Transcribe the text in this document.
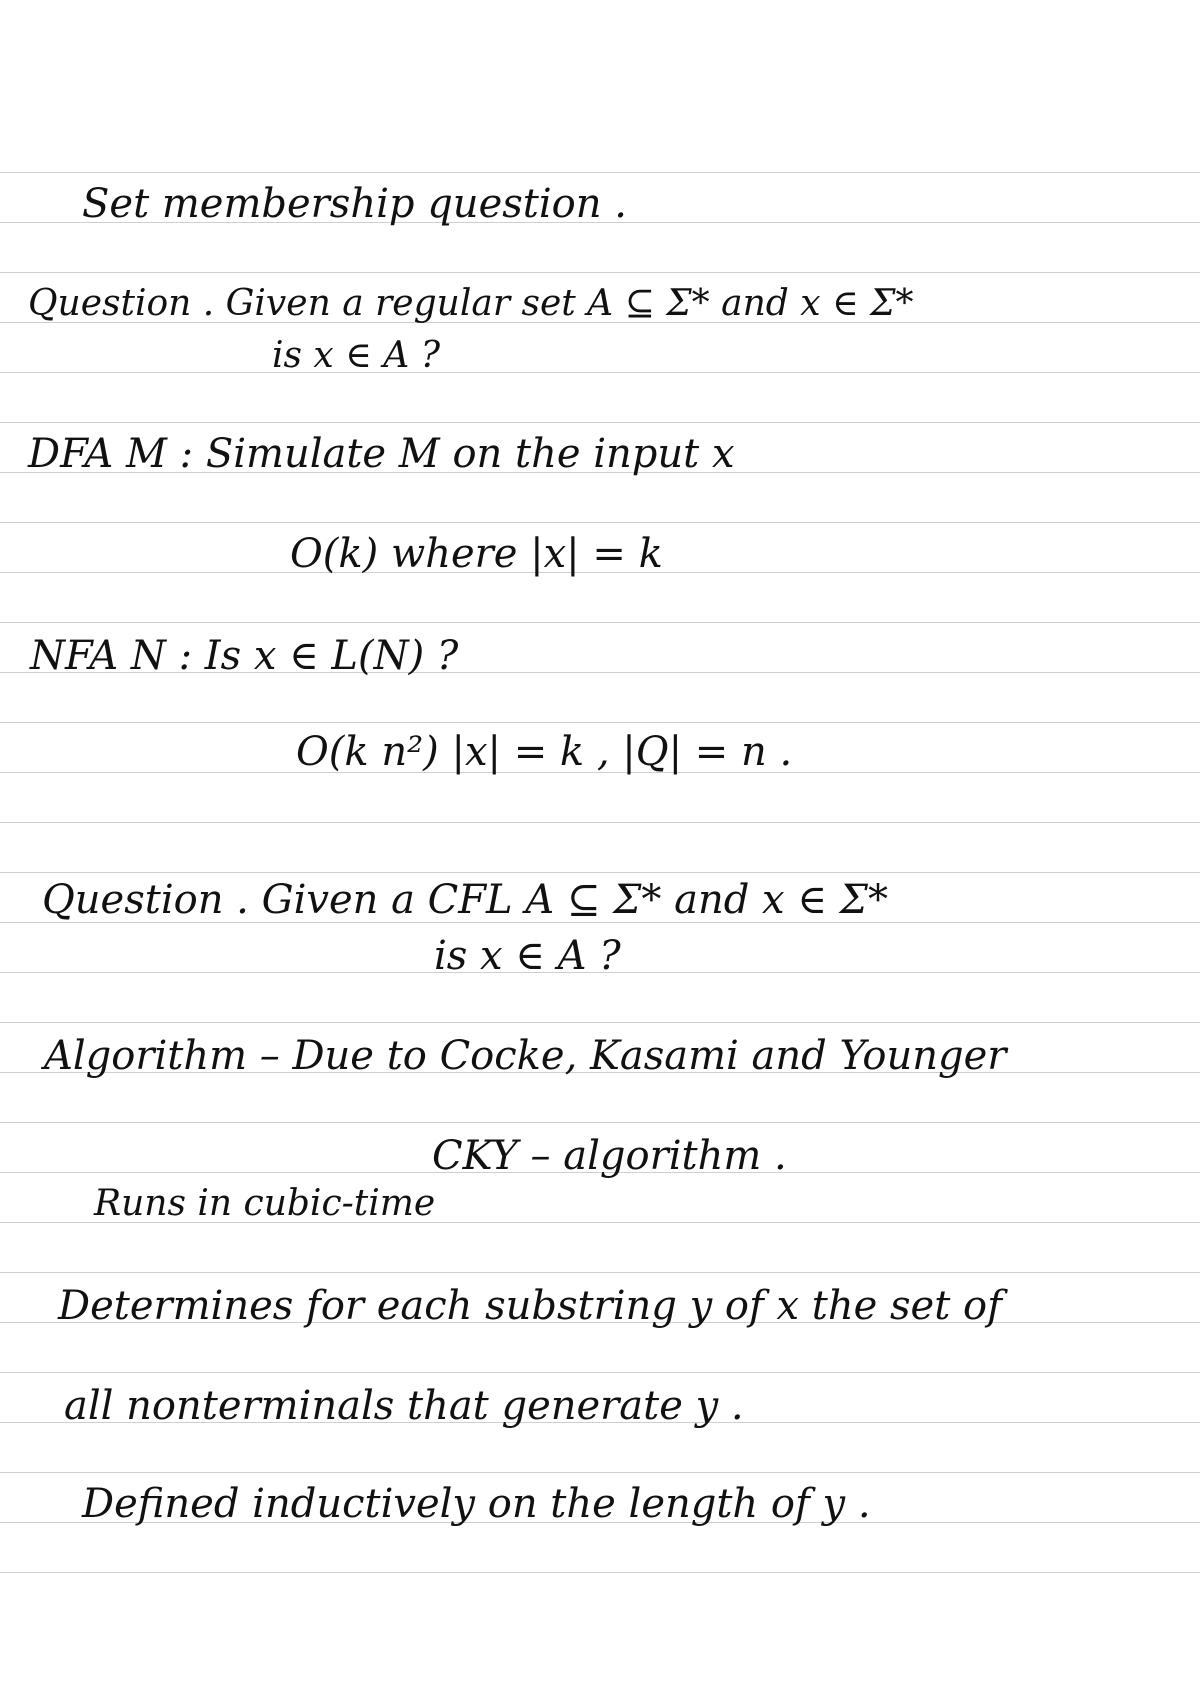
Set membership question .
Question . Given a regular set A ⊆ Σ* and x ∈ Σ*
is x ∈ A ?
DFA M : Simulate M on the input x
O(k) where |x| = k
NFA N : Is x ∈ L(N) ?
O(k n²) |x| = k , |Q| = n .
Question . Given a CFL A ⊆ Σ* and x ∈ Σ*
is x ∈ A ?
Algorithm – Due to Cocke, Kasami and Younger
CKY – algorithm .
Runs in cubic-time
Determines for each substring y of x the set of
all nonterminals that generate y .
Defined inductively on the length of y .
